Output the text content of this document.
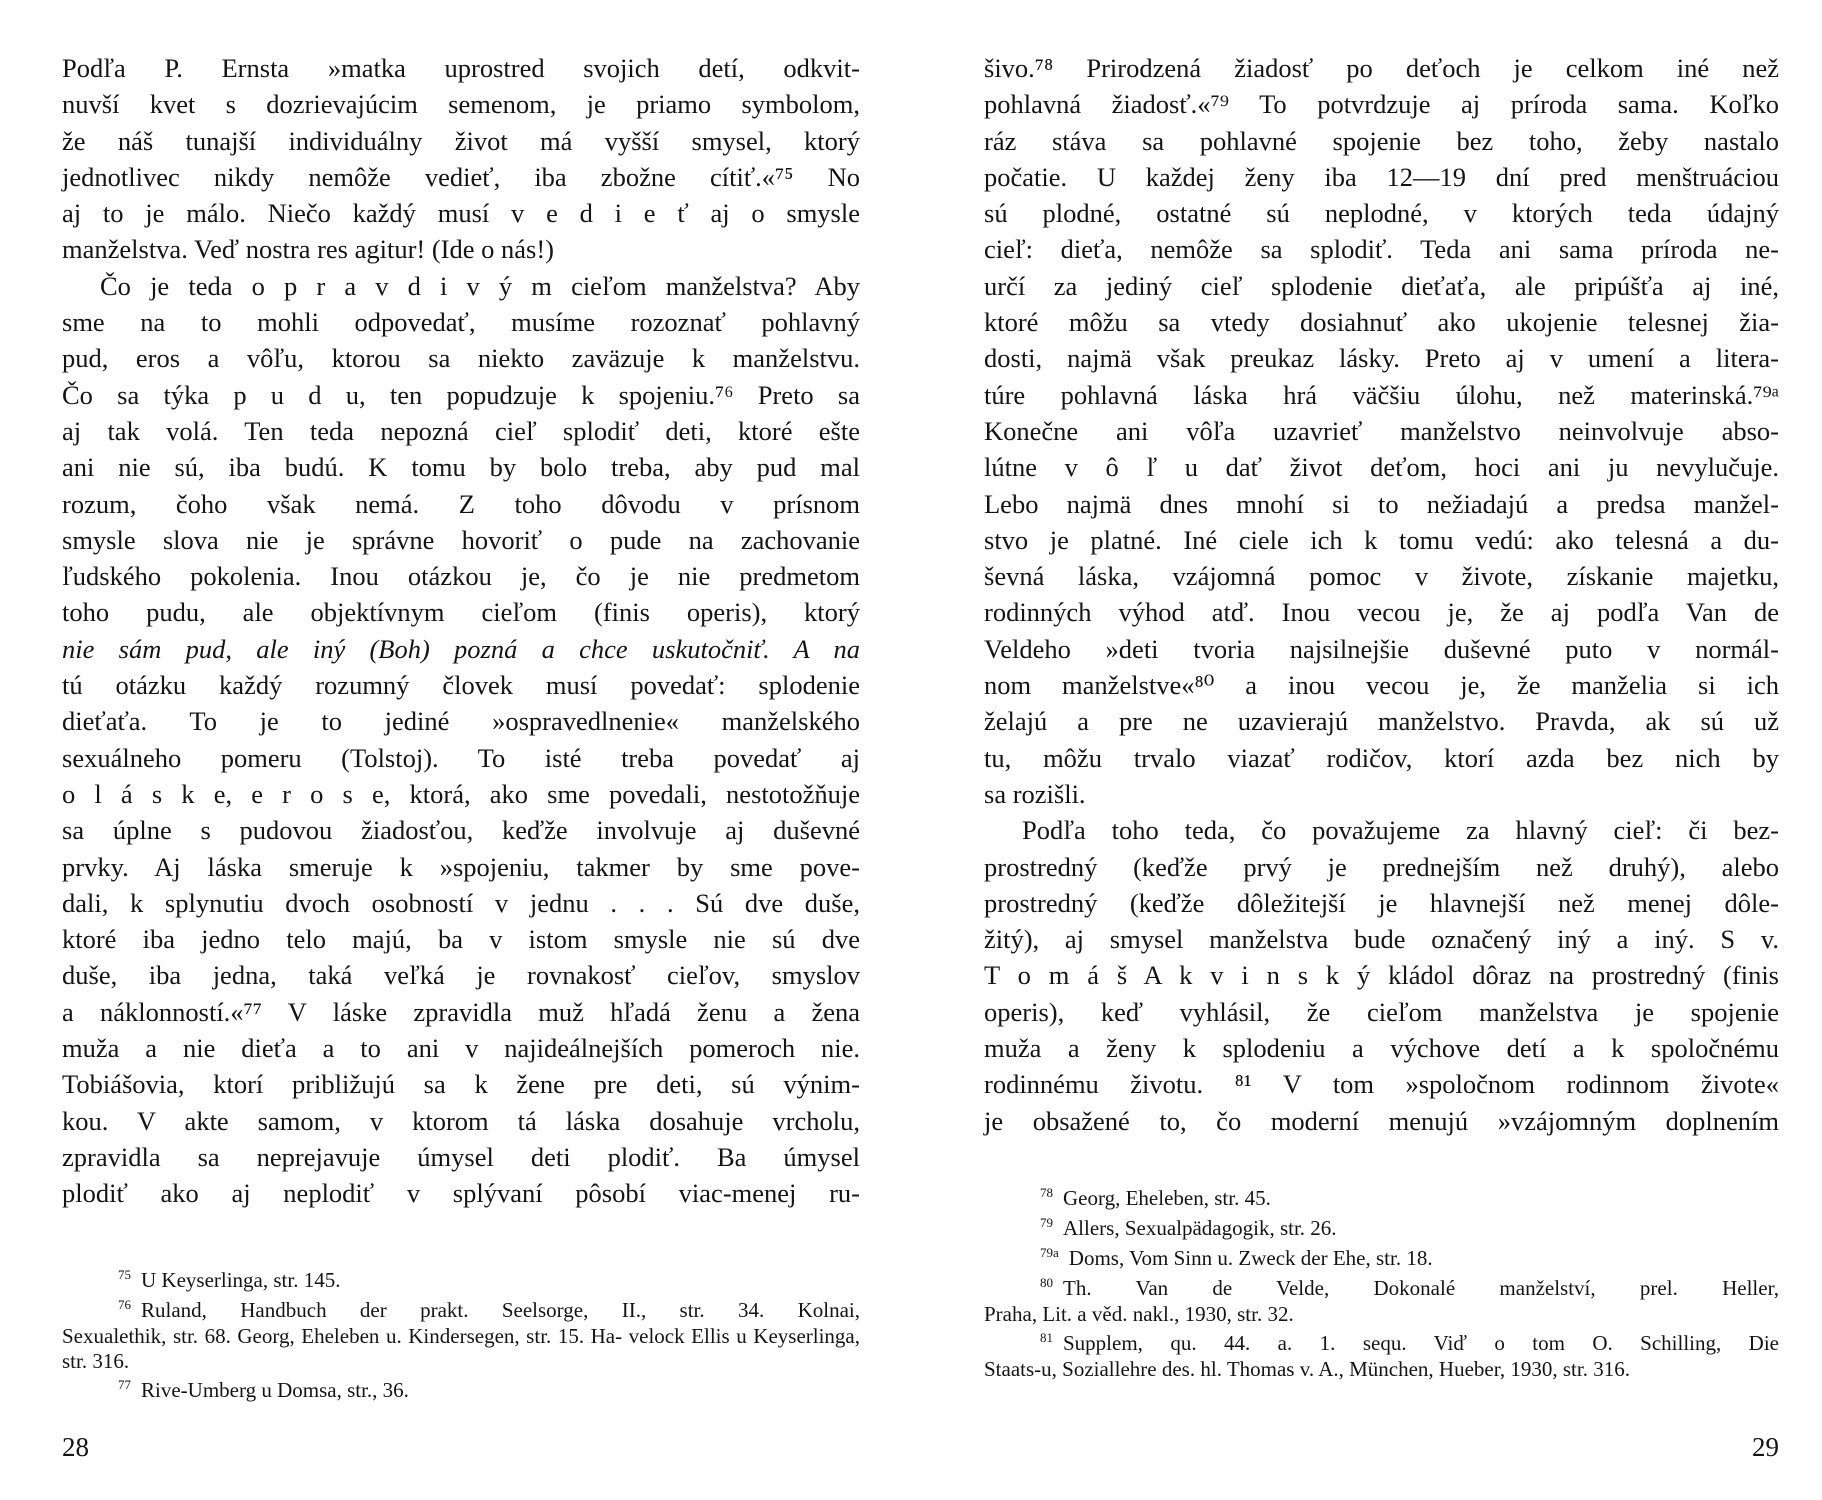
Podľa P. Ernsta »matka uprostred svojich detí, odkvit-
nuvší kvet s dozrievajúcim semenom, je priamo symbolom,
že náš tunajší individuálny život má vyšší smysel, ktorý
jednotlivec nikdy nemôže vedieť, iba zbožne cítiť.«⁷⁵ No
aj to je málo. Niečo každý musí v e d i e ť aj o smysle
manželstva. Veď nostra res agitur! (Ide o nás!)
Čo je teda o p r a v d i v ý m cieľom manželstva? Aby
sme na to mohli odpovedať, musíme rozoznať pohlavný
pud, eros a vôľu, ktorou sa niekto zaväzuje k manželstvu.
Čo sa týka p u d u, ten popudzuje k spojeniu.⁷⁶ Preto sa
aj tak volá. Ten teda nepozná cieľ splodiť deti, ktoré ešte
ani nie sú, iba budú. K tomu by bolo treba, aby pud mal
rozum, čoho však nemá. Z toho dôvodu v prísnom
smysle slova nie je správne hovoriť o pude na zachovanie
ľudského pokolenia. Inou otázkou je, čo je nie predmetom
toho pudu, ale objektívnym cieľom (finis operis), ktorý
nie sám pud, ale iný (Boh) pozná a chce uskutočniť. A na
tú otázku každý rozumný človek musí povedať: splodenie
dieťaťa. To je to jediné »ospravedlnenie« manželského
sexuálneho pomeru (Tolstoj). To isté treba povedať aj
o l á s k e, e r o s e, ktorá, ako sme povedali, nestotožňuje
sa úplne s pudovou žiadosťou, keďže involvuje aj duševné
prvky. Aj láska smeruje k »spojeniu, takmer by sme pove-
dali, k splynutiu dvoch osobností v jednu . . . Sú dve duše,
ktoré iba jedno telo majú, ba v istom smysle nie sú dve
duše, iba jedna, taká veľká je rovnakosť cieľov, smyslov
a náklonností.«⁷⁷ V láske zpravidla muž hľadá ženu a žena
muža a nie dieťa a to ani v najideálnejších pomeroch nie.
Tobiášovia, ktorí približujú sa k žene pre deti, sú výnim-
kou. V akte samom, v ktorom tá láska dosahuje vrcholu,
zpravidla sa neprejavuje úmysel deti plodiť. Ba úmysel
plodiť ako aj neplodiť v splývaní pôsobí viac-menej ru-
$^{75}$ U Keyserlinga, str. 145.
$^{76}$ Ruland, Handbuch der prakt. Seelsorge, II., str. 34. Kolnai,
Sexualethik, str. 68. Georg, Eheleben u. Kindersegen, str. 15. Ha- velock Ellis u Keyserlinga, str. 316.
$^{77}$ Rive-Umberg u Domsa, str., 36.
28
šivo.⁷⁸ Prirodzená žiadosť po deťoch je celkom iné než
pohlavná žiadosť.«⁷⁹ To potvrdzuje aj príroda sama. Koľko
ráz stáva sa pohlavné spojenie bez toho, žeby nastalo
počatie. U každej ženy iba 12—19 dní pred menštruáciou
sú plodné, ostatné sú neplodné, v ktorých teda údajný
cieľ: dieťa, nemôže sa splodiť. Teda ani sama príroda ne-
určí za jediný cieľ splodenie dieťaťa, ale pripúšťa aj iné,
ktoré môžu sa vtedy dosiahnuť ako ukojenie telesnej žia-
dosti, najmä však preukaz lásky. Preto aj v umení a litera-
túre pohlavná láska hrá väčšiu úlohu, než materinská.⁷⁹ᵃ
Konečne ani vôľa uzavrieť manželstvo neinvolvuje abso-
lútne v ô ľ u dať život deťom, hoci ani ju nevylučuje.
Lebo najmä dnes mnohí si to nežiadajú a predsa manžel-
stvo je platné. Iné ciele ich k tomu vedú: ako telesná a du-
ševná láska, vzájomná pomoc v živote, získanie majetku,
rodinných výhod atď. Inou vecou je, že aj podľa Van de
Veldeho »deti tvoria najsilnejšie duševné puto v normál-
nom manželstve«⁸⁰ a inou vecou je, že manželia si ich
želajú a pre ne uzavierajú manželstvo. Pravda, ak sú už
tu, môžu trvalo viazať rodičov, ktorí azda bez nich by
sa rozišli.
Podľa toho teda, čo považujeme za hlavný cieľ: či bez-
prostredný (keďže prvý je prednejším než druhý), alebo
prostredný (keďže dôležitejší je hlavnejší než menej dôle-
žitý), aj smysel manželstva bude označený iný a iný. S v.
T o m á š A k v i n s k ý kládol dôraz na prostredný (finis
operis), keď vyhlásil, že cieľom manželstva je spojenie
muža a ženy k splodeniu a výchove detí a k spoločnému
rodinnému životu. ⁸¹ V tom »spoločnom rodinnom živote«
je obsažené to, čo moderní menujú »vzájomným doplnením
$^{78}$ Georg, Eheleben, str. 45.
$^{79}$ Allers, Sexualpädagogik, str. 26.
$^{79a}$ Doms, Vom Sinn u. Zweck der Ehe, str. 18.
$^{80}$ Th. Van de Velde, Dokonalé manželství, prel. Heller,
Praha, Lit. a věd. nakl., 1930, str. 32.
$^{81}$ Supplem, qu. 44. a. 1. sequ. Viď o tom O. Schilling, Die
Staats-u, Soziallehre des. hl. Thomas v. A., München, Hueber, 1930, str. 316.
29
